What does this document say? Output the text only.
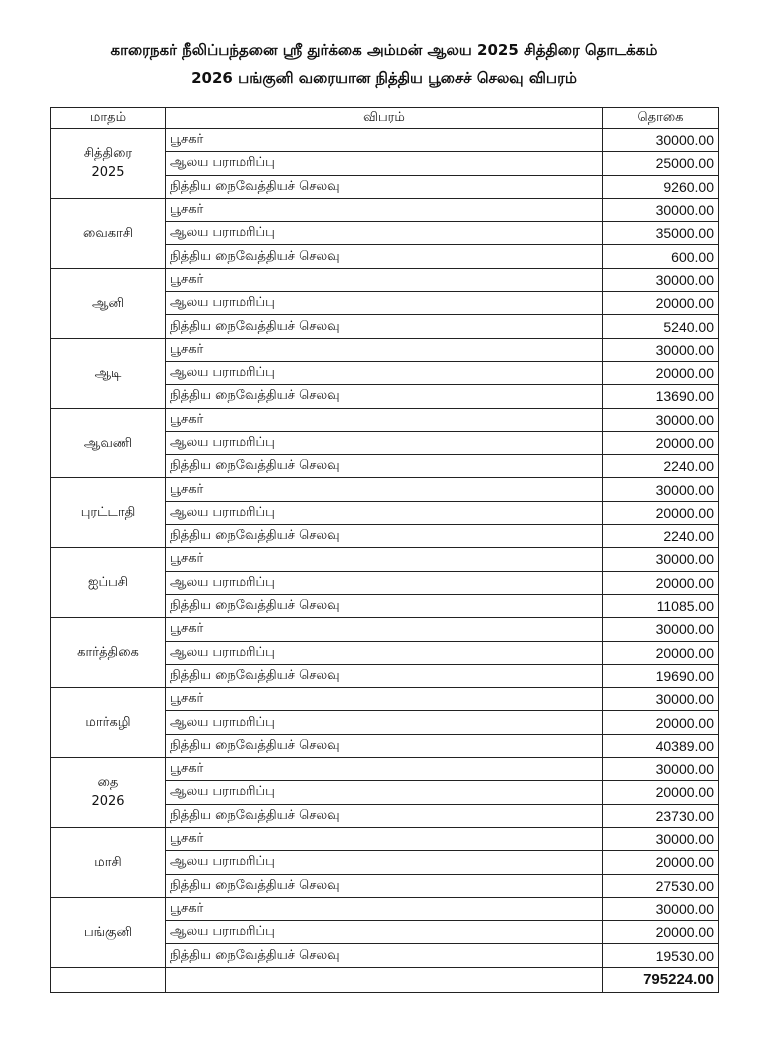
காரைநகர் நீலிப்பந்தனை ஸ்ரீ துர்க்கை அம்மன் ஆலய 2025 சித்திரை தொடக்கம்
2026 பங்குனி வரையான நித்திய பூசைச் செலவு விபரம்
மாதம்	விபரம்	தொகை

சித்திரை
2025	பூசகர்	30000.00
	ஆலய பராமரிப்பு	25000.00
	நித்திய நைவேத்தியச் செலவு	9260.00

வைகாசி	பூசகர்	30000.00
	ஆலய பராமரிப்பு	35000.00
	நித்திய நைவேத்தியச் செலவு	600.00

ஆனி	பூசகர்	30000.00
	ஆலய பராமரிப்பு	20000.00
	நித்திய நைவேத்தியச் செலவு	5240.00

ஆடி	பூசகர்	30000.00
	ஆலய பராமரிப்பு	20000.00
	நித்திய நைவேத்தியச் செலவு	13690.00

ஆவணி	பூசகர்	30000.00
	ஆலய பராமரிப்பு	20000.00
	நித்திய நைவேத்தியச் செலவு	2240.00

புரட்டாதி	பூசகர்	30000.00
	ஆலய பராமரிப்பு	20000.00
	நித்திய நைவேத்தியச் செலவு	2240.00

ஐப்பசி	பூசகர்	30000.00
	ஆலய பராமரிப்பு	20000.00
	நித்திய நைவேத்தியச் செலவு	11085.00

கார்த்திகை	பூசகர்	30000.00
	ஆலய பராமரிப்பு	20000.00
	நித்திய நைவேத்தியச் செலவு	19690.00

மார்கழி	பூசகர்	30000.00
	ஆலய பராமரிப்பு	20000.00
	நித்திய நைவேத்தியச் செலவு	40389.00

தை
2026	பூசகர்	30000.00
	ஆலய பராமரிப்பு	20000.00
	நித்திய நைவேத்தியச் செலவு	23730.00

மாசி	பூசகர்	30000.00
	ஆலய பராமரிப்பு	20000.00
	நித்திய நைவேத்தியச் செலவு	27530.00

பங்குனி	பூசகர்	30000.00
	ஆலய பராமரிப்பு	20000.00
	நித்திய நைவேத்தியச் செலவு	19530.00
		795224.00
